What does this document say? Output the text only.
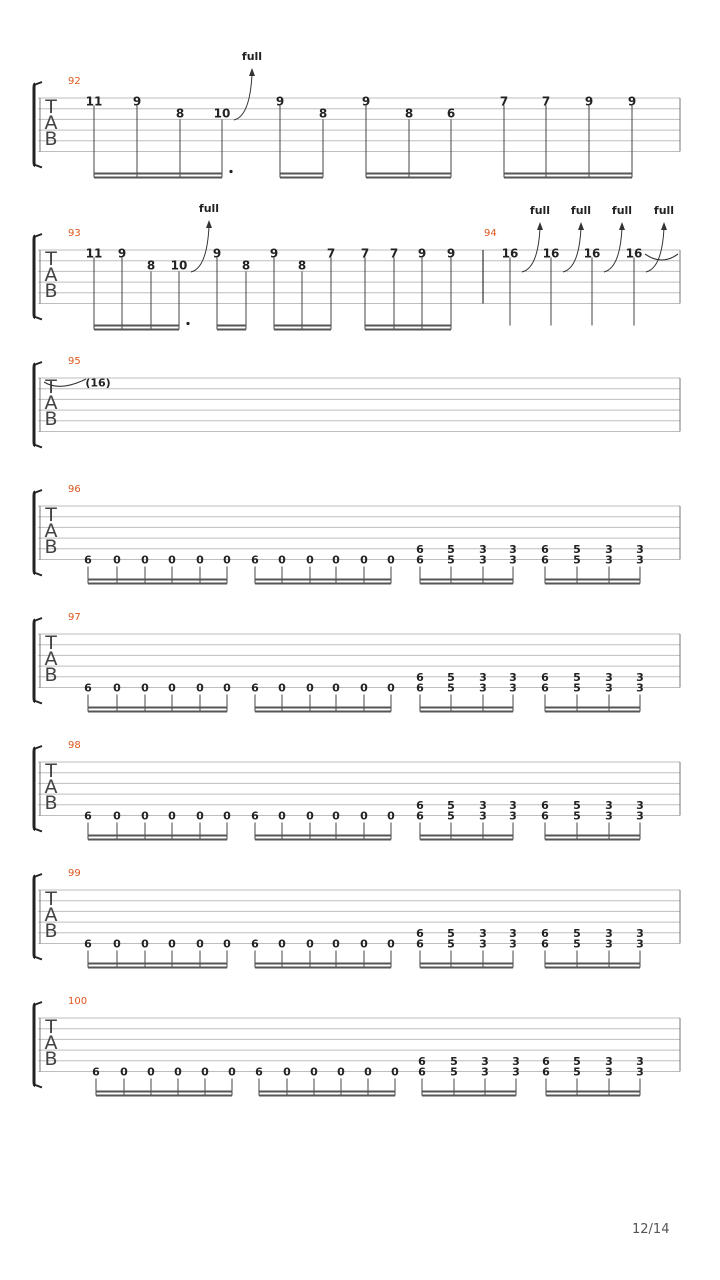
T
A
B
92
11	9
8 10
full
9
8
9
8	6
7	7	9	9
T
A
B
93
11 9
8 10
full
9
8
9
8
7 7 7 9 9
94
16
full
16
full
16
full
16
full
T
A
B
95
(16)
T
A
B
96
6 0 0 0 0 0 6 0 0 0 0 0
6
6
5
5
3
3
3
3
6
6
5
5
3
3
3
3
T
A
B
97
6 0 0 0 0 0 6 0 0 0 0 0
6
6
5
5
3
3
3
3
6
6
5
5
3
3
3
3
T
A
B
98
6 0 0 0 0 0 6 0 0 0 0 0
6
6
5
5
3
3
3
3
6
6
5
5
3
3
3
3
T
A
B
99
6 0 0 0 0 0 6 0 0 0 0 0
6
6
5
5
3
3
3
3
6
6
5
5
3
3
3
3
T
A
B
100
6 0 0 0 0 0 6 0 0 0 0 0
6
6
5
5
3
3
3
3
6
6
5
5
3
3
3
3
12/14
